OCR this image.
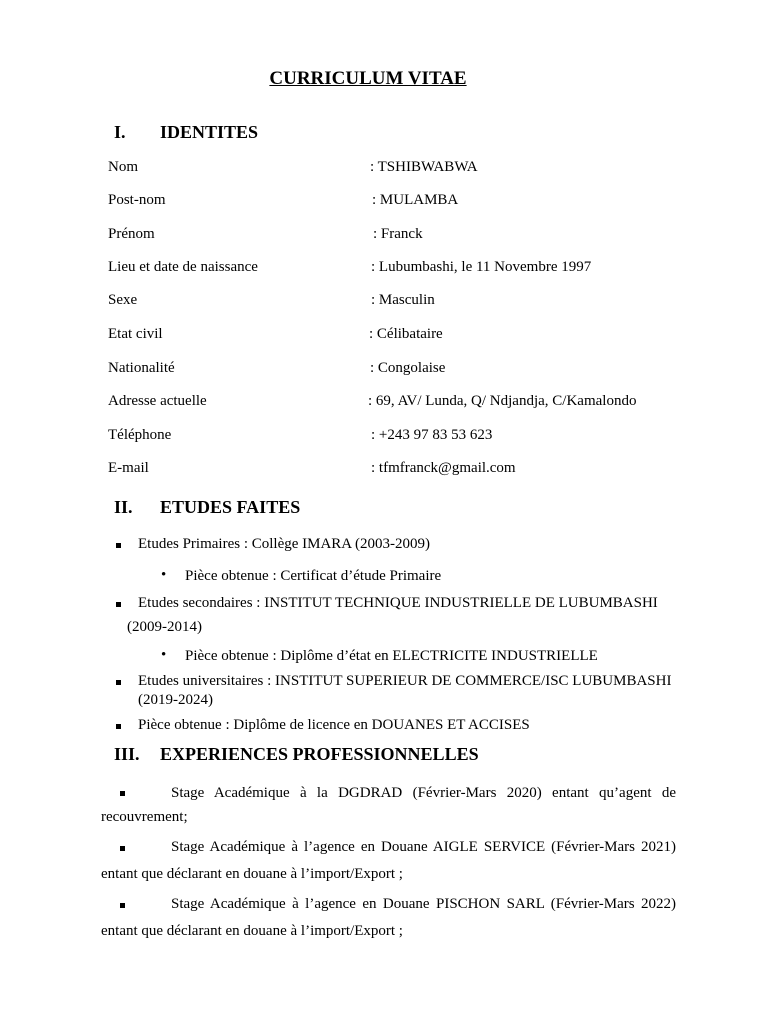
CURRICULUM VITAE
I. IDENTITES
Nom	: TSHIBWABWA
Post-nom	: MULAMBA
Prénom	: Franck
Lieu et date de naissance	: Lubumbashi, le 11 Novembre 1997
Sexe	: Masculin
Etat civil	: Célibataire
Nationalité	: Congolaise
Adresse actuelle	: 69, AV/ Lunda, Q/ Ndjandja, C/Kamalondo
Téléphone	: +243 97 83 53 623
E-mail	: tfmfranck@gmail.com
II. ETUDES FAITES
Etudes Primaires : Collège IMARA (2003-2009)
• Pièce obtenue : Certificat d’étude Primaire
Etudes secondaires : INSTITUT TECHNIQUE INDUSTRIELLE DE LUBUMBASHI
(2009-2014)
• Pièce obtenue : Diplôme d’état en ELECTRICITE INDUSTRIELLE
Etudes universitaires : INSTITUT SUPERIEUR DE COMMERCE/ISC LUBUMBASHI
(2019-2024)
Pièce obtenue : Diplôme de licence en DOUANES ET ACCISES
III. EXPERIENCES PROFESSIONNELLES
Stage Académique à la DGDRAD (Février-Mars 2020) entant qu’agent de
recouvrement;
Stage Académique à l’agence en Douane AIGLE SERVICE (Février-Mars 2021)
entant que déclarant en douane à l’import/Export ;
Stage Académique à l’agence en Douane PISCHON SARL (Février-Mars 2022)
entant que déclarant en douane à l’import/Export ;
